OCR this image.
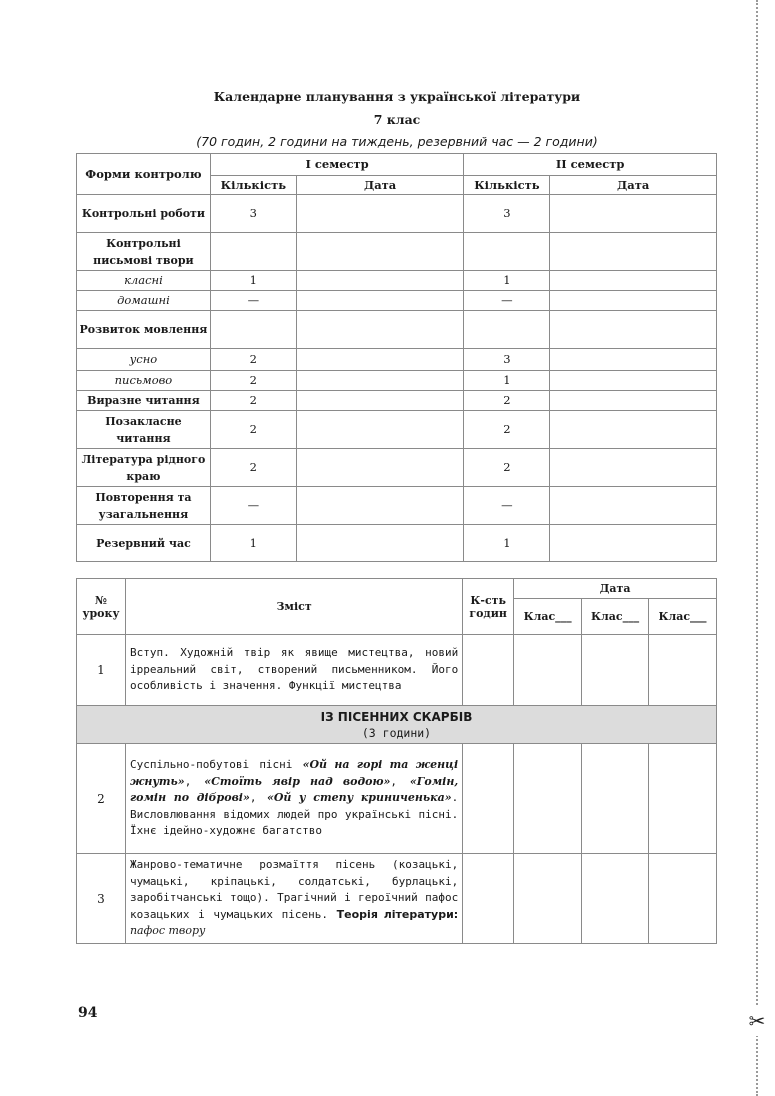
✂
Календарне планування з української літератури
7 клас
(70 годин, 2 години на тиждень, резервний час — 2 години)
Форми контролю	І семестр		ІІ семестр	
	Кількість	Дата	Кількість	Дата
Контрольні роботи	3		3	
Контрольні письмові твори				
класні	1		1	
домашні	—		—	
Розвиток мовлення				
усно	2		3	
письмово	2		1	
Виразне читання	2		2	
Позакласне читання	2		2	
Література рідного краю	2		2	
Повторення та узагальнення	—		—	
Резервний час	1		1	
№ уроку	Зміст	К-сть годин	Дата		
			Клас___	Клас___	Клас___
1	Вступ. Художній твір як явище мистецтва, новий ірреальний світ, створений письменником. Його особливість і значення. Функції мистецтва				

ІЗ ПІСЕННИХ СКАРБІВ
(3 години)					

2	Суспільно-побутові пісні «Ой на горі та женці жнуть», «Стоїть явір над водою», «Гомін, гомін по діброві», «Ой у степу криниченька». Висловлювання відомих людей про українські пісні. Їхнє ідейно-художнє багатство				
3	Жанрово-тематичне розмаїття пісень (козацькі, чумацькі, кріпацькі, солдатські, бурлацькі, заробітчанські тощо). Трагічний і героїчний пафос козацьких і чумацьких пісень. Теорія літератури: пафос твору				
94
